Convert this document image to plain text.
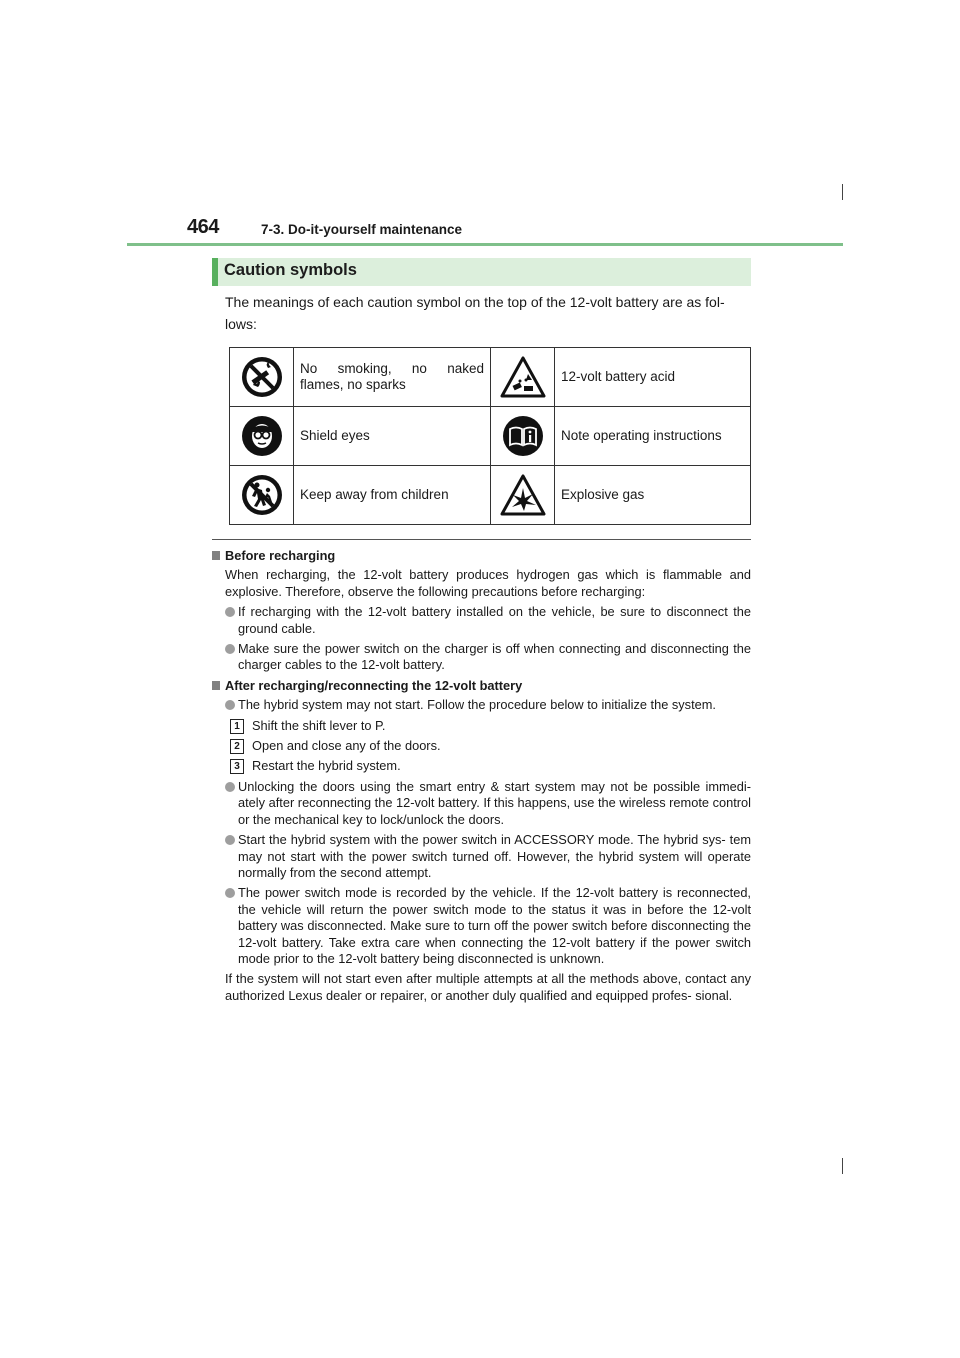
464	7-3. Do-it-yourself maintenance
Caution symbols
The meanings of each caution symbol on the top of the 12-volt battery are as fol- lows:

No smoking, no naked
flames, no sparks		12-volt battery acid

	Shield eyes		Note operating instructions

	Keep away from children		Explosive gas
Before recharging
When recharging, the 12-volt battery produces hydrogen gas which is flammable and explosive. Therefore, observe the following precautions before recharging:
If recharging with the 12-volt battery installed on the vehicle, be sure to disconnect the ground cable.
Make sure the power switch on the charger is off when connecting and disconnecting the charger cables to the 12-volt battery.
After recharging/reconnecting the 12-volt battery
The hybrid system may not start. Follow the procedure below to initialize the system.
1 Shift the shift lever to P.
2 Open and close any of the doors.
3 Restart the hybrid system.
Unlocking the doors using the smart entry & start system may not be possible immedi- ately after reconnecting the 12-volt battery. If this happens, use the wireless remote control or the mechanical key to lock/unlock the doors.
Start the hybrid system with the power switch in ACCESSORY mode. The hybrid sys- tem may not start with the power switch turned off. However, the hybrid system will operate normally from the second attempt.
The power switch mode is recorded by the vehicle. If the 12-volt battery is reconnected, the vehicle will return the power switch mode to the status it was in before the 12-volt battery was disconnected. Make sure to turn off the power switch before disconnecting the 12-volt battery. Take extra care when connecting the 12-volt battery if the power switch mode prior to the 12-volt battery being disconnected is unknown.
If the system will not start even after multiple attempts at all the methods above, contact any authorized Lexus dealer or repairer, or another duly qualified and equipped profes- sional.
